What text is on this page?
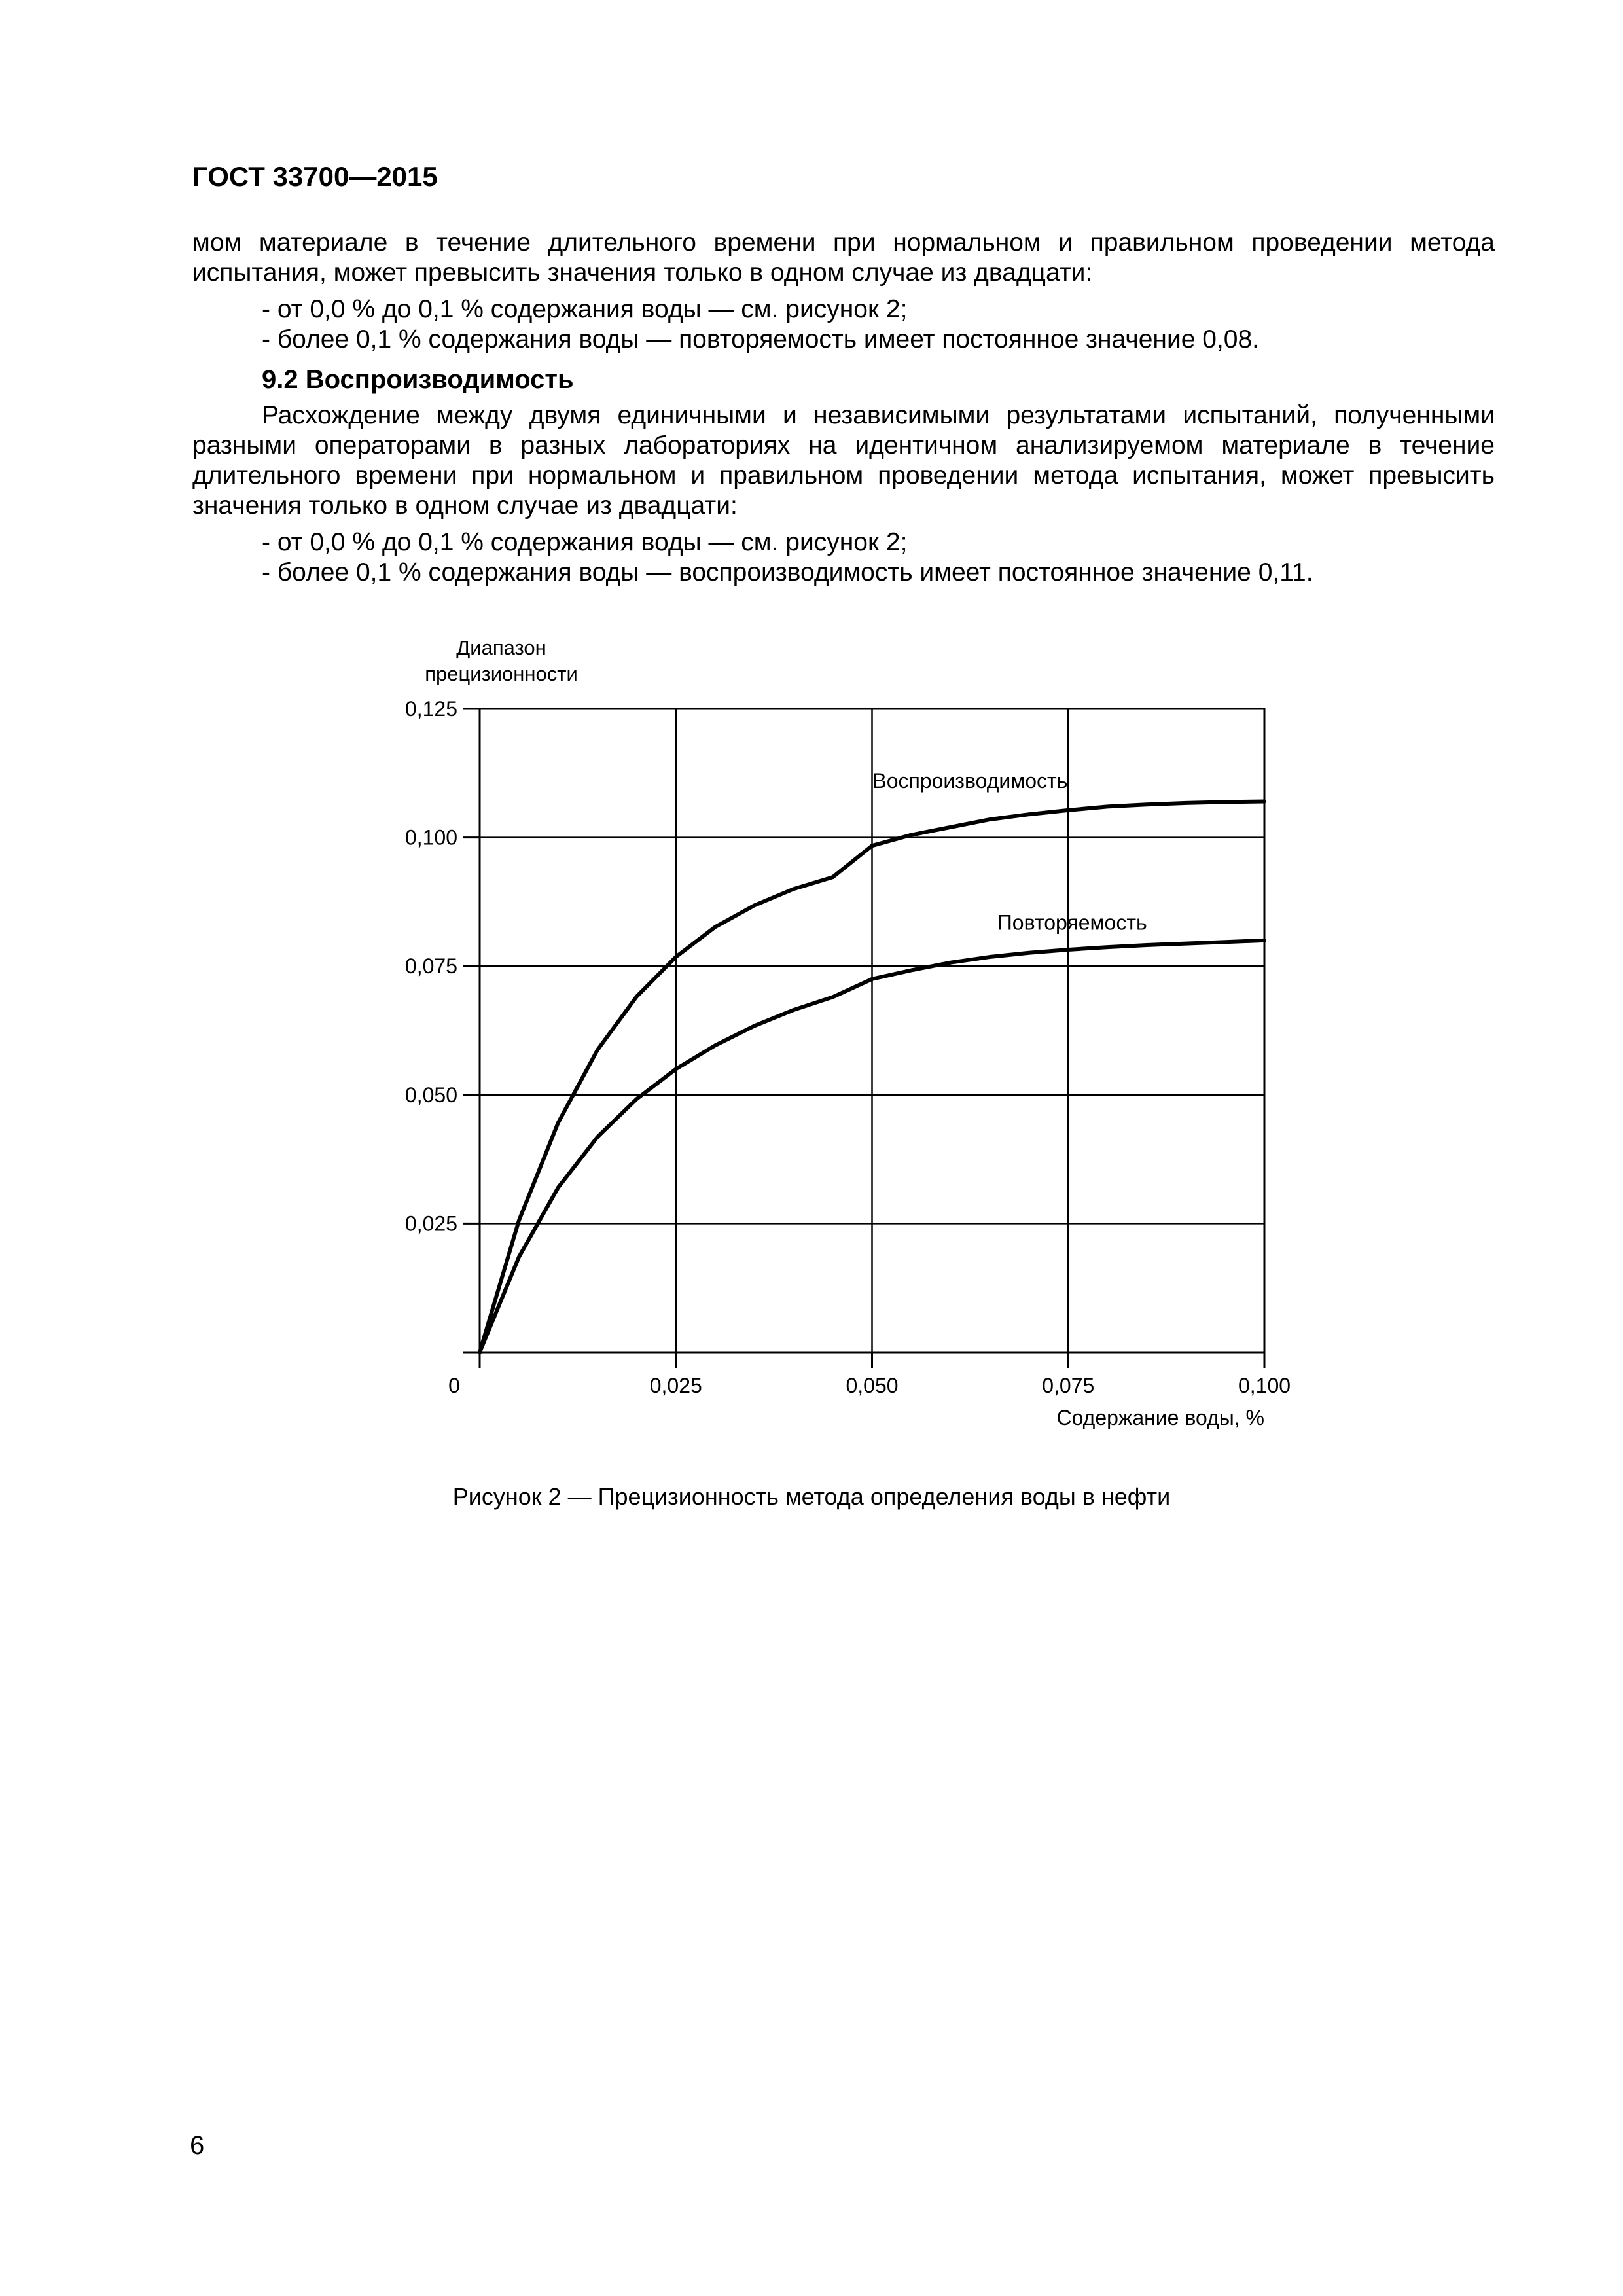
ГОСТ 33700—2015
мом материале в течение длительного времени при нормальном и правильном проведении метода
испытания, может превысить значения только в одном случае из двадцати:
- от 0,0 % до 0,1 % содержания воды — см. рисунок 2;
- более 0,1 % содержания воды — повторяемость имеет постоянное значение 0,08.
9.2 Воспроизводимость
Расхождение между двумя единичными и независимыми результатами испытаний, полученными
разными операторами в разных лабораториях на идентичном анализируемом материале в течение
длительного времени при нормальном и правильном проведении метода испытания, может превысить
значения только в одном случае из двадцати:
- от 0,0 % до 0,1 % содержания воды — см. рисунок 2;
- более 0,1 % содержания воды — воспроизводимость имеет постоянное значение 0,11.
0,025
0,050
0,075
0,100
0,125
0,025	0,050	0,075	0,100
Воспроизводимость
Повторяемость
Диапазон
прецизионности
Содержание воды, %
0
Рисунок 2 — Прецизионность метода определения воды в нефти
6
